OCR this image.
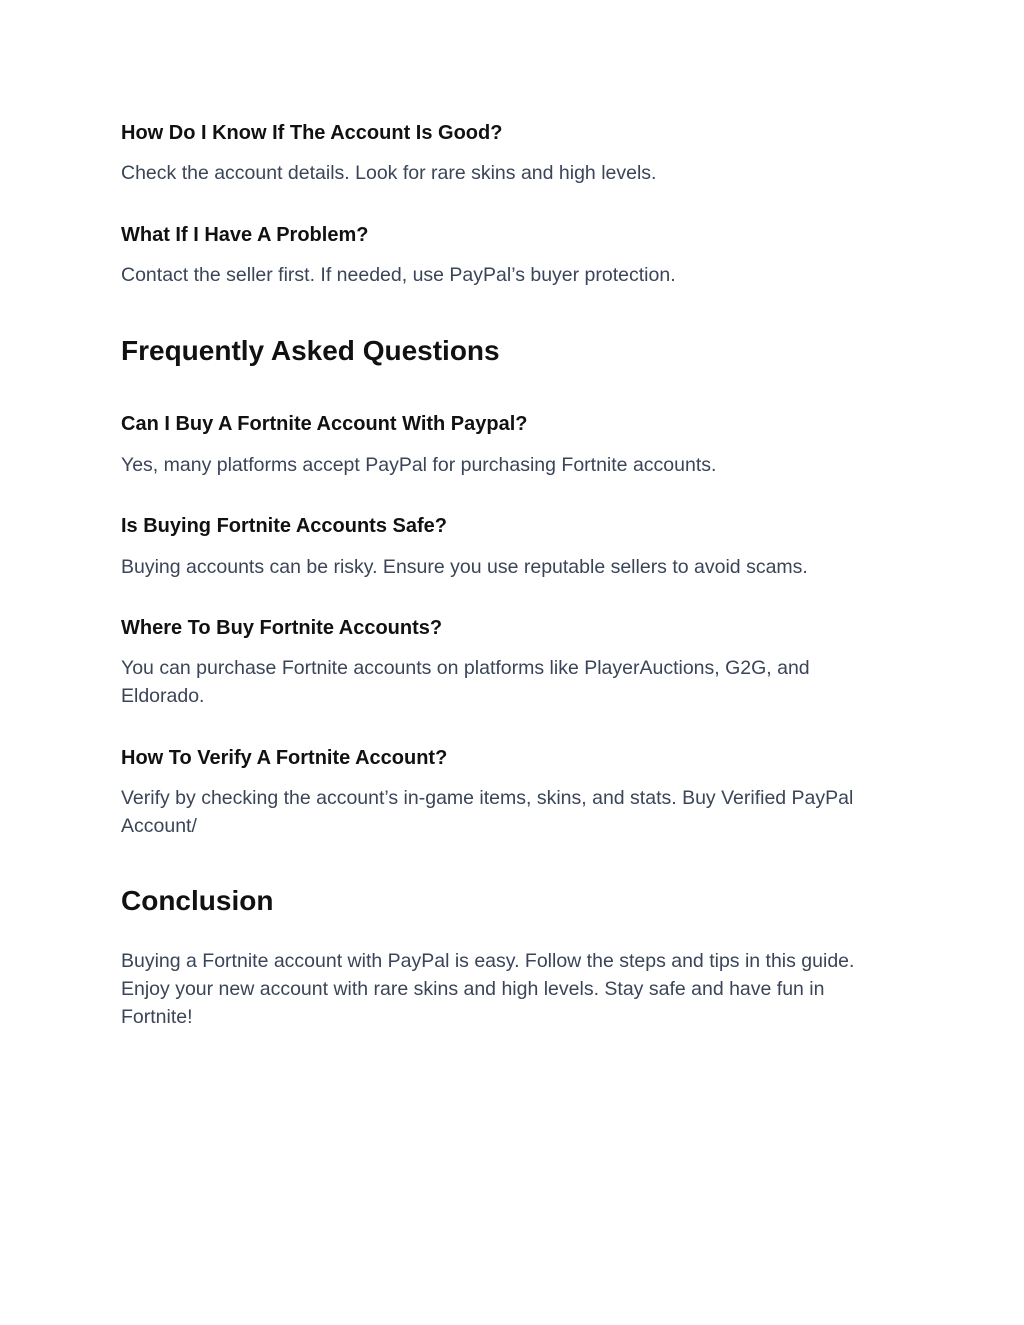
How Do I Know If The Account Is Good?

Check the account details. Look for rare skins and high levels.

What If I Have A Problem?

Contact the seller first. If needed, use PayPal’s buyer protection.

Frequently Asked Questions
Can I Buy A Fortnite Account With Paypal?

Yes, many platforms accept PayPal for purchasing Fortnite accounts.

Is Buying Fortnite Accounts Safe?

Buying accounts can be risky. Ensure you use reputable sellers to avoid scams.

Where To Buy Fortnite Accounts?

You can purchase Fortnite accounts on platforms like PlayerAuctions, G2G, and Eldorado.

How To Verify A Fortnite Account?

Verify by checking the account’s in-game items, skins, and stats. Buy Verified PayPal Account/

Conclusion

Buying a Fortnite account with PayPal is easy. Follow the steps and tips in this guide. Enjoy your new account with rare skins and high levels. Stay safe and have fun in Fortnite!
